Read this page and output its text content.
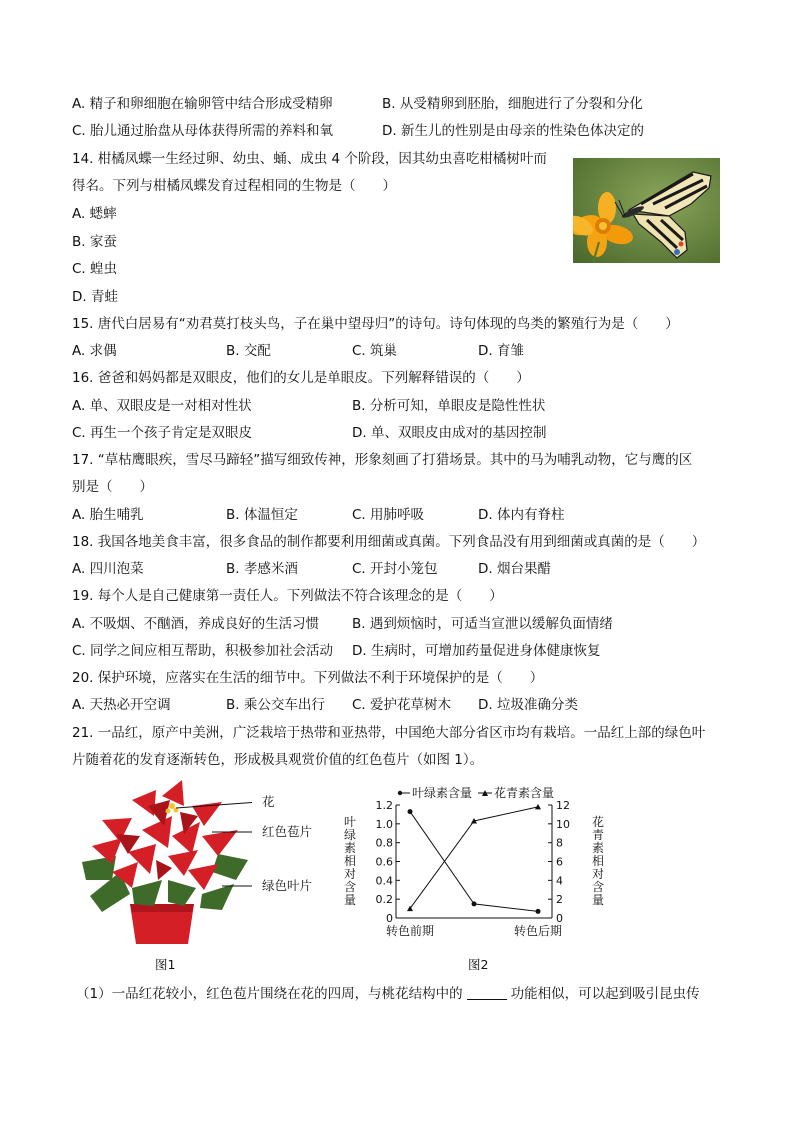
A. 精子和卵细胞在输卵管中结合形成受精卵	B. 从受精卵到胚胎，细胞进行了分裂和分化
C. 胎儿通过胎盘从母体获得所需的养料和氧	D. 新生儿的性别是由母亲的性染色体决定的
14. 柑橘凤蝶一生经过卵、幼虫、蛹、成虫 4 个阶段，因其幼虫喜吃柑橘树叶而
得名。下列与柑橘凤蝶发育过程相同的生物是（　　）
A. 蟋蟀
B. 家蚕
C. 蝗虫
D. 青蛙
15. 唐代白居易有“劝君莫打枝头鸟，子在巢中望母归”的诗句。诗句体现的鸟类的繁殖行为是（　　）
A. 求偶	B. 交配	C. 筑巢	D. 育雏
16. 爸爸和妈妈都是双眼皮，他们的女儿是单眼皮。下列解释错误的（　　）
A. 单、双眼皮是一对相对性状	B. 分析可知，单眼皮是隐性性状
C. 再生一个孩子肯定是双眼皮	D. 单、双眼皮由成对的基因控制
17. “草枯鹰眼疾，雪尽马蹄轻”描写细致传神，形象刻画了打猎场景。其中的马为哺乳动物，它与鹰的区
别是（　　）
A. 胎生哺乳	B. 体温恒定	C. 用肺呼吸	D. 体内有脊柱
18. 我国各地美食丰富，很多食品的制作都要利用细菌或真菌。下列食品没有用到细菌或真菌的是（　　）
A. 四川泡菜	B. 孝感米酒	C. 开封小笼包	D. 烟台果醋
19. 每个人是自己健康第一责任人。下列做法不符合该理念的是（　　）
A. 不吸烟、不酗酒，养成良好的生活习惯 B. 遇到烦恼时，可适当宣泄以缓解负面情绪
C. 同学之间应相互帮助，积极参加社会活动 D. 生病时，可增加药量促进身体健康恢复
20. 保护环境，应落实在生活的细节中。下列做法不利于环境保护的是（　　）
A. 天热必开空调	B. 乘公交车出行 C. 爱护花草树木 D. 垃圾准确分类
21. 一品红，原产中美洲，广泛栽培于热带和亚热带，中国绝大部分省区市均有栽培。一品红上部的绿色叶
片随着花的发育逐渐转色，形成极具观赏价值的红色苞片（如图 1）。
花
红色苞片
绿色叶片
图1
0
0.2
0.4
0.6
0.8
1.0
1.2
0
2
4
6
8
10
12
转色前期	转色后期
叶
绿
素
相
对
含
量
花
青
素
相
对
含
量
叶绿素含量 花青素含量
图2
（1）一品红花较小，红色苞片围绕在花的四周，与桃花结构中的	功能相似，可以起到吸引昆虫传
